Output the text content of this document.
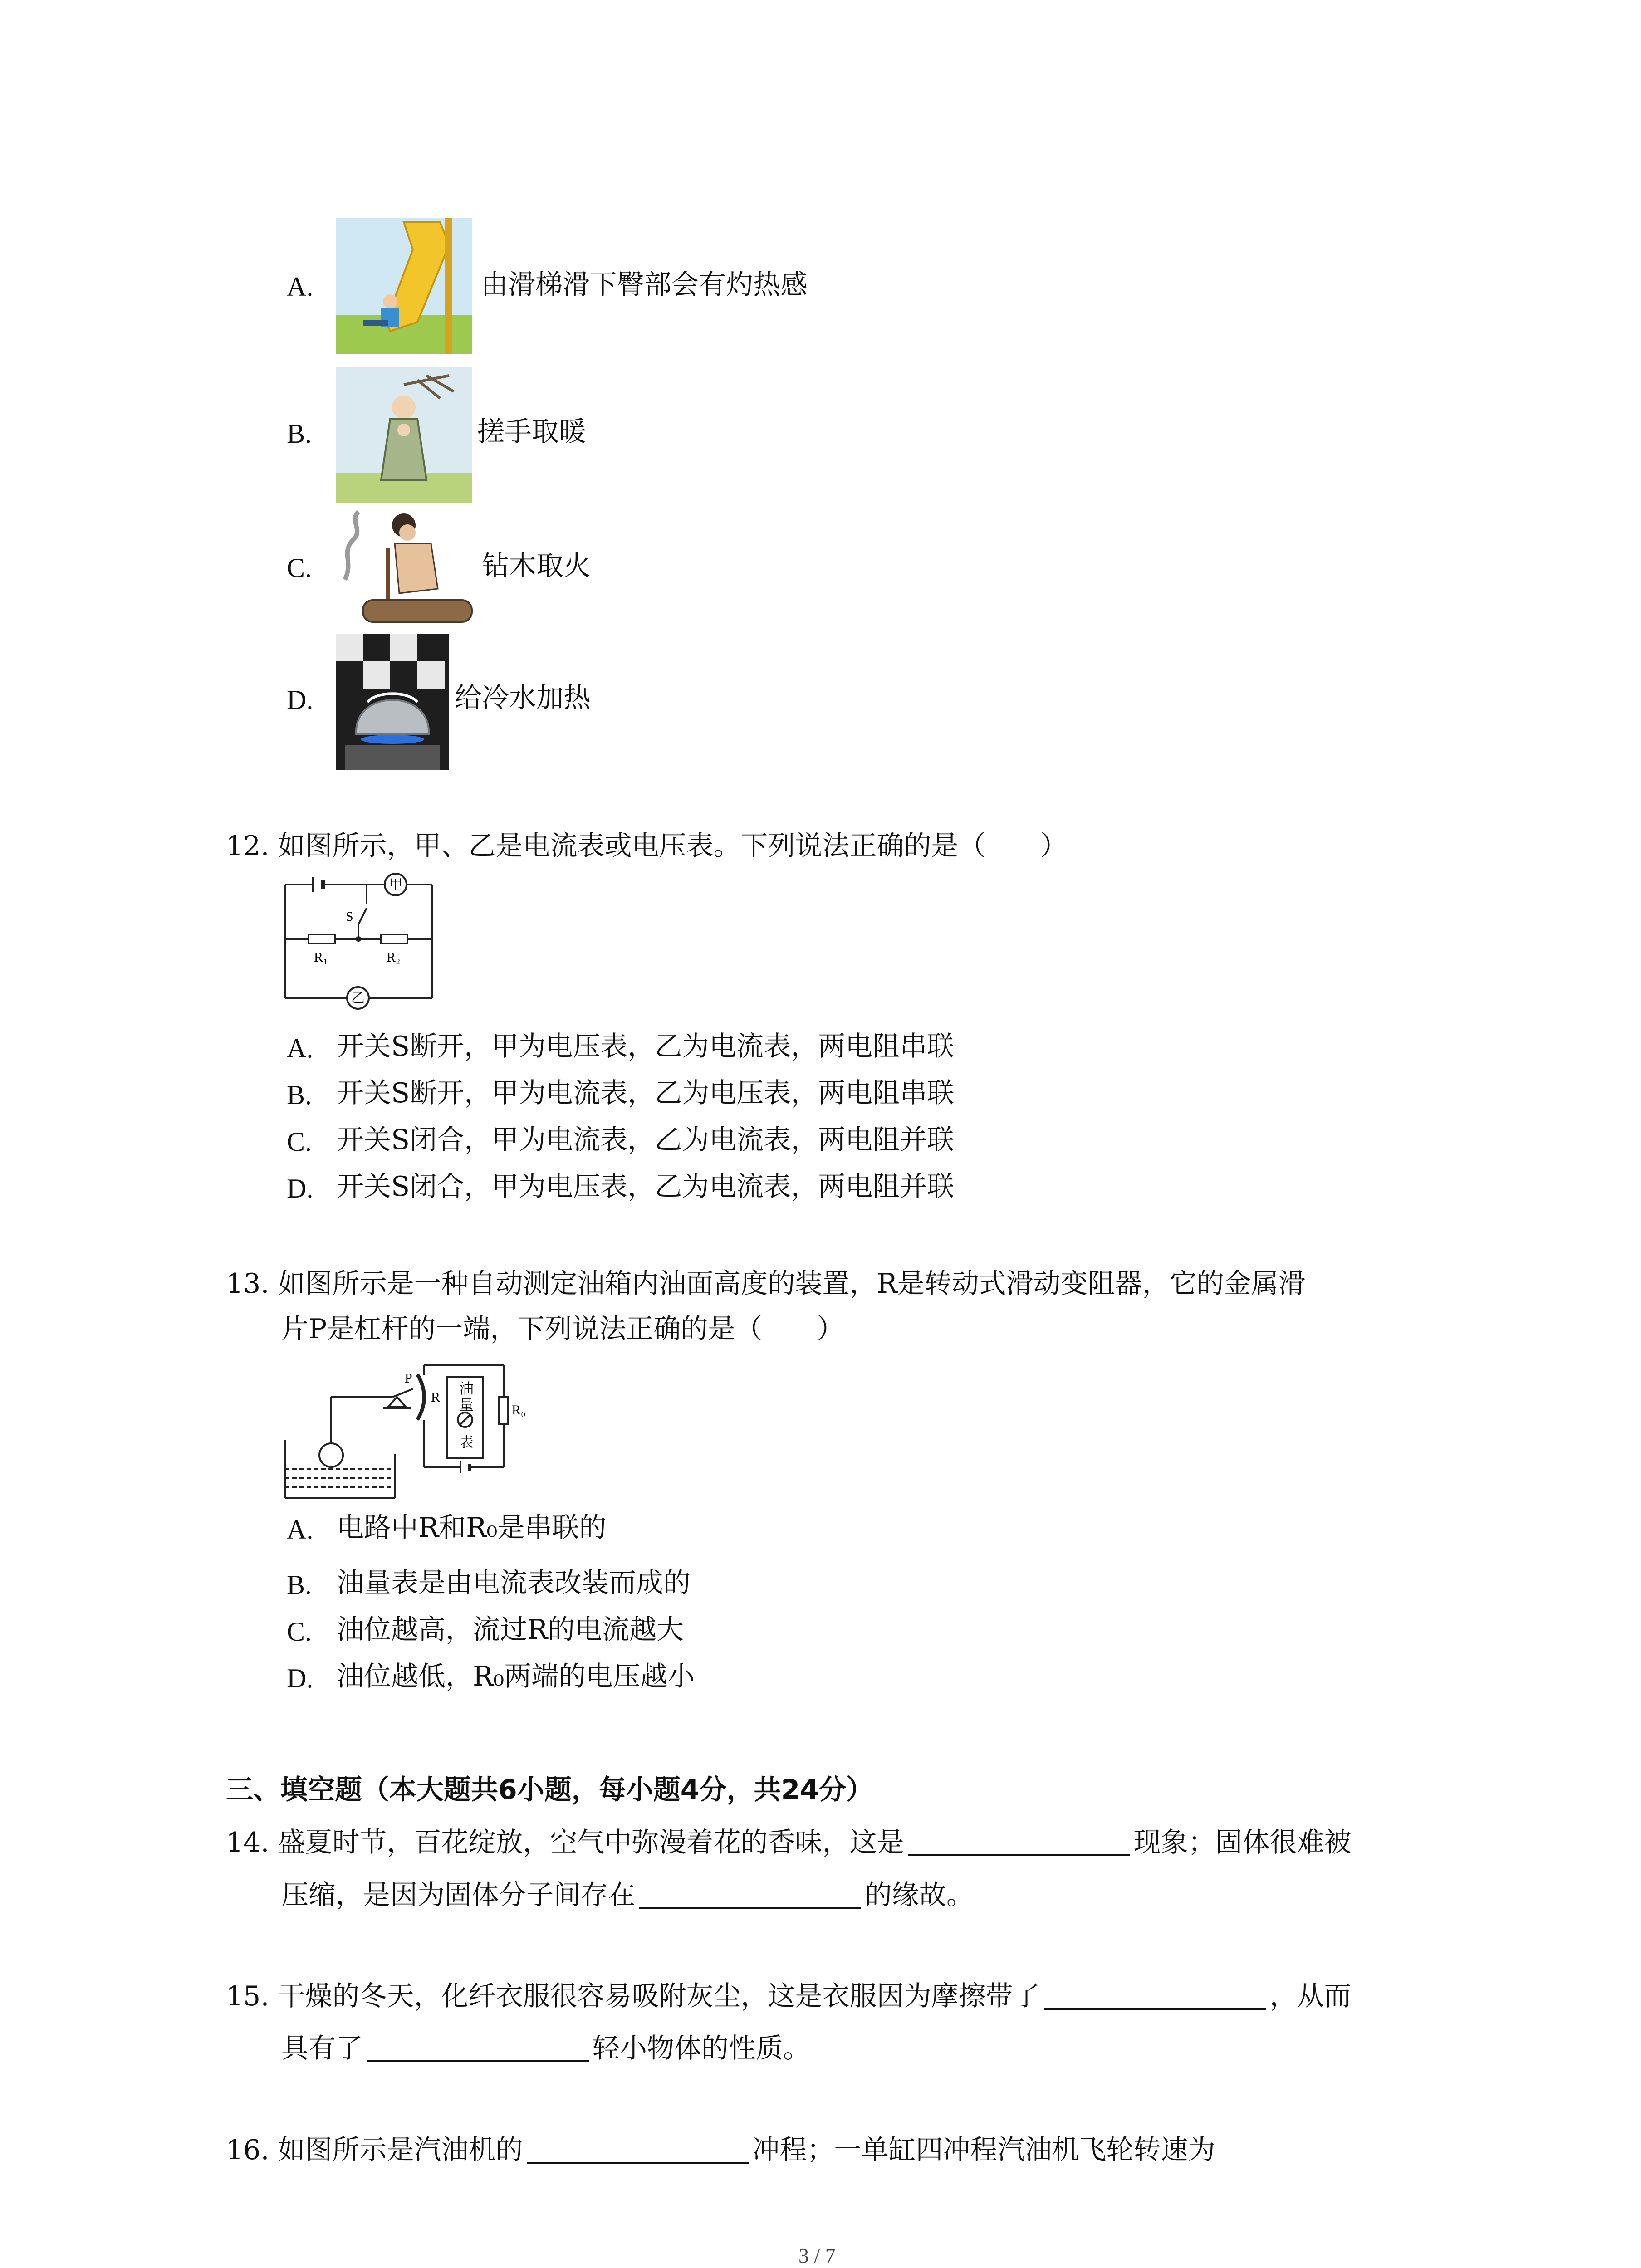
A.	由滑梯滑下臀部会有灼热感
B.	搓手取暖
C.	钻木取火
D.	给冷水加热
12. 如图所示，甲、乙是电流表或电压表。下列说法正确的是（　　）
甲
乙
S
R₁	R₂
A. 开关S断开，甲为电压表，乙为电流表，两电阻串联
B. 开关S断开，甲为电流表，乙为电压表，两电阻串联
C. 开关S闭合，甲为电流表，乙为电流表，两电阻并联
D. 开关S闭合，甲为电压表，乙为电流表，两电阻并联
13. 如图所示是一种自动测定油箱内油面高度的装置，R是转动式滑动变阻器，它的金属滑
片P是杠杆的一端，下列说法正确的是（　　）
P
R
油
量
表
R₀
A. 电路中R和R₀是串联的
B. 油量表是由电流表改装而成的
C. 油位越高，流过R的电流越大
D. 油位越低，R₀两端的电压越小
三、填空题（本大题共6小题，每小题4分，共24分）
14. 盛夏时节，百花绽放，空气中弥漫着花的香味，这是	现象；固体很难被
压缩，是因为固体分子间存在	的缘故。
15. 干燥的冬天，化纤衣服很容易吸附灰尘，这是衣服因为摩擦带了	，从而
具有了	轻小物体的性质。
16. 如图所示是汽油机的	冲程；一单缸四冲程汽油机飞轮转速为
3 / 7
